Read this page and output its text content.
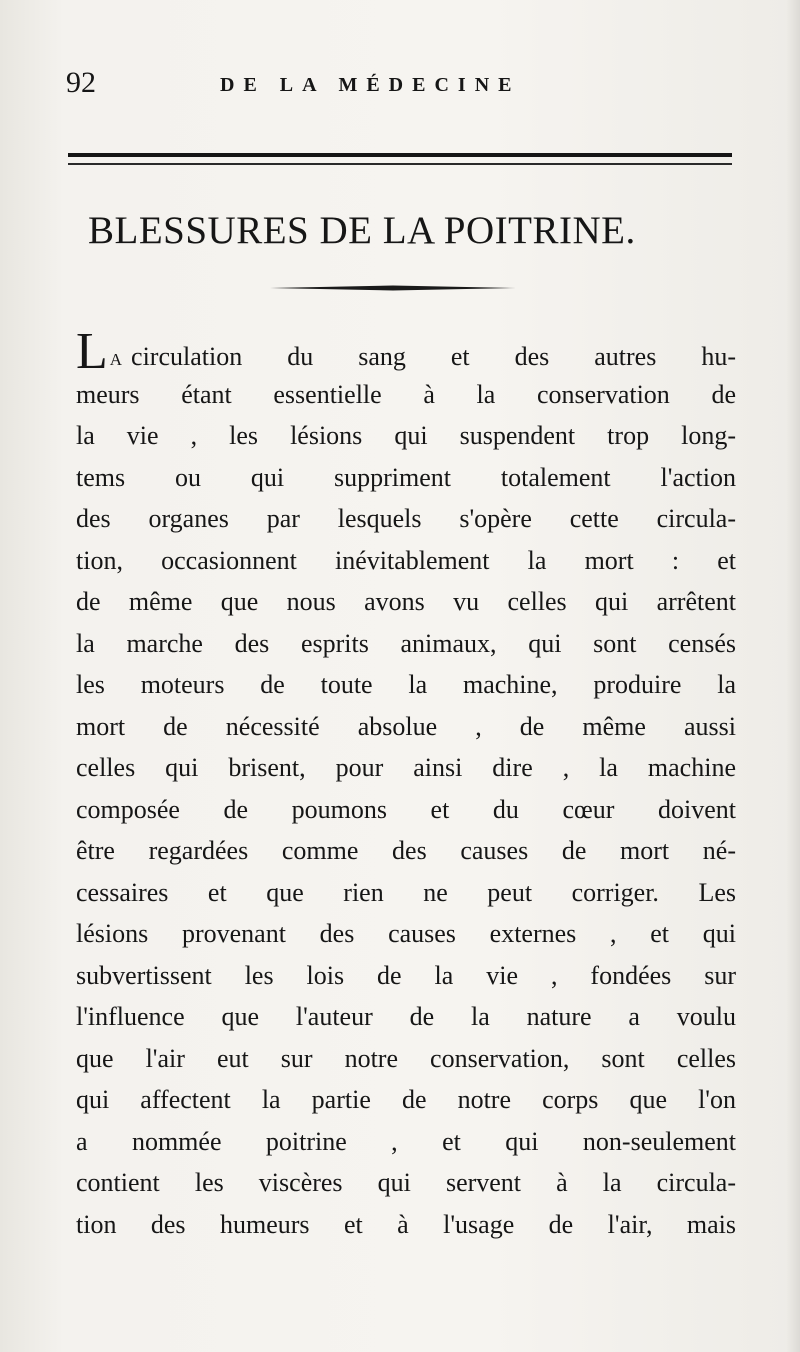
92	DE LA MÉDECINE
BLESSURES DE LA POITRINE.
L A circulation du sang et des autres hu-
meurs étant essentielle à la conservation de
la vie , les lésions qui suspendent trop long-
tems ou qui suppriment totalement l'action
des organes par lesquels s'opère cette circula-
tion, occasionnent inévitablement la mort : et
de même que nous avons vu celles qui arrêtent
la marche des esprits animaux, qui sont censés
les moteurs de toute la machine, produire la
mort de nécessité absolue , de même aussi
celles qui brisent, pour ainsi dire , la machine
composée de poumons et du cœur doivent
être regardées comme des causes de mort né-
cessaires et que rien ne peut corriger. Les
lésions provenant des causes externes , et qui
subvertissent les lois de la vie , fondées sur
l'influence que l'auteur de la nature a voulu
que l'air eut sur notre conservation, sont celles
qui affectent la partie de notre corps que l'on
a nommée poitrine , et qui non-seulement
contient les viscères qui servent à la circula-
tion des humeurs et à l'usage de l'air, mais
